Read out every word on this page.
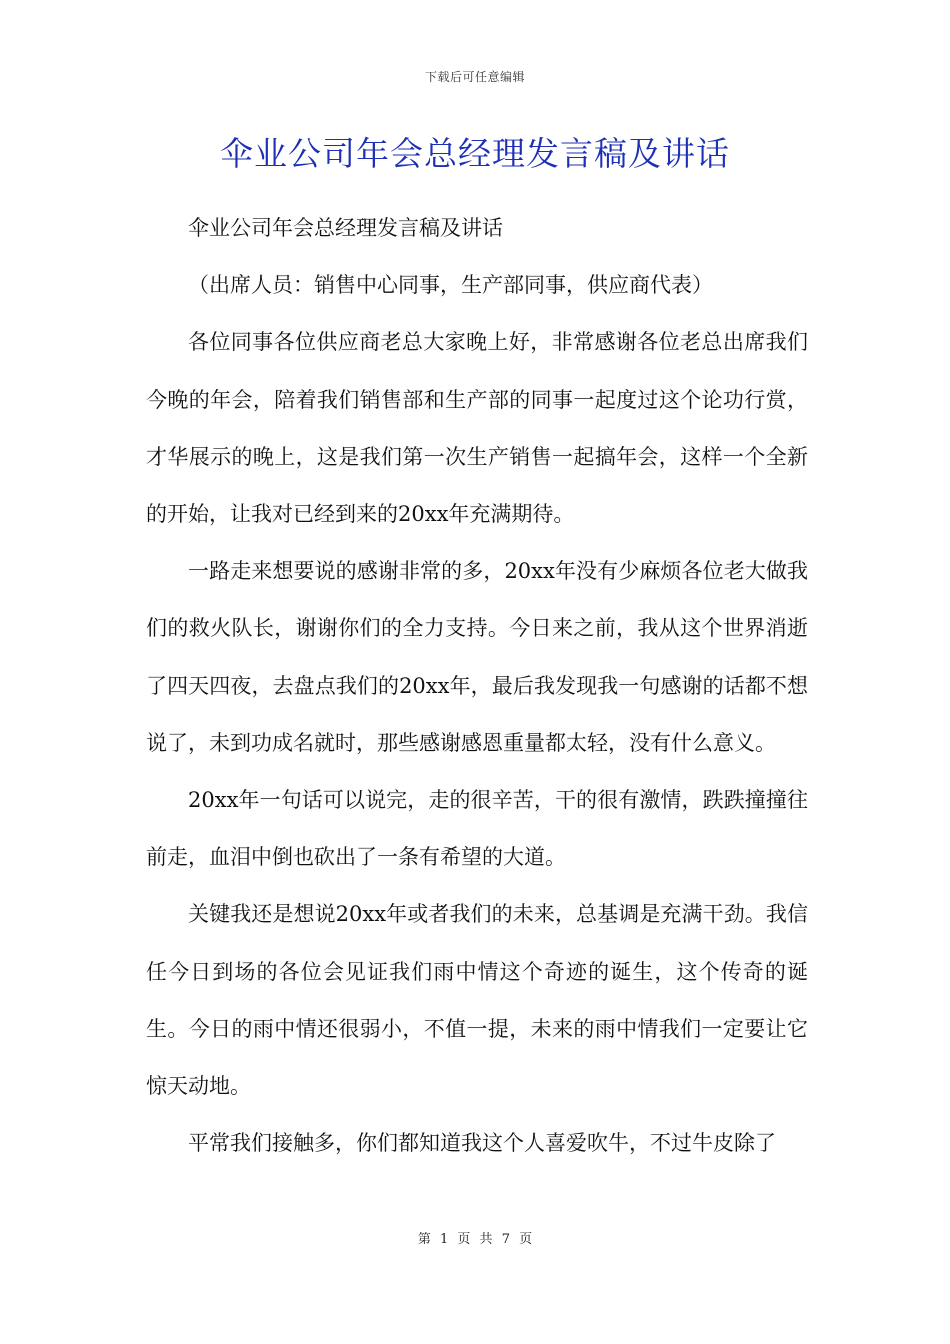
下载后可任意编辑
伞业公司年会总经理发言稿及讲话

伞业公司年会总经理发言稿及讲话

（出席人员：销售中心同事，生产部同事，供应商代表）

各位同事各位供应商老总大家晚上好，非常感谢各位老总出席我们今晚的年会，陪着我们销售部和生产部的同事一起度过这个论功行赏，才华展示的晚上，这是我们第一次生产销售一起搞年会，这样一个全新的开始，让我对已经到来的20xx年充满期待。

一路走来想要说的感谢非常的多，20xx年没有少麻烦各位老大做我们的救火队长，谢谢你们的全力支持。今日来之前，我从这个世界消逝了四天四夜，去盘点我们的20xx年，最后我发现我一句感谢的话都不想说了，未到功成名就时，那些感谢感恩重量都太轻，没有什么意义。

20xx年一句话可以说完，走的很辛苦，干的很有激情，跌跌撞撞往前走，血泪中倒也砍出了一条有希望的大道。

关键我还是想说20xx年或者我们的未来，总基调是充满干劲。我信任今日到场的各位会见证我们雨中情这个奇迹的诞生，这个传奇的诞生。今日的雨中情还很弱小，不值一提，未来的雨中情我们一定要让它惊天动地。

平常我们接触多，你们都知道我这个人喜爱吹牛，不过牛皮除了

第 1 页 共 7 页
